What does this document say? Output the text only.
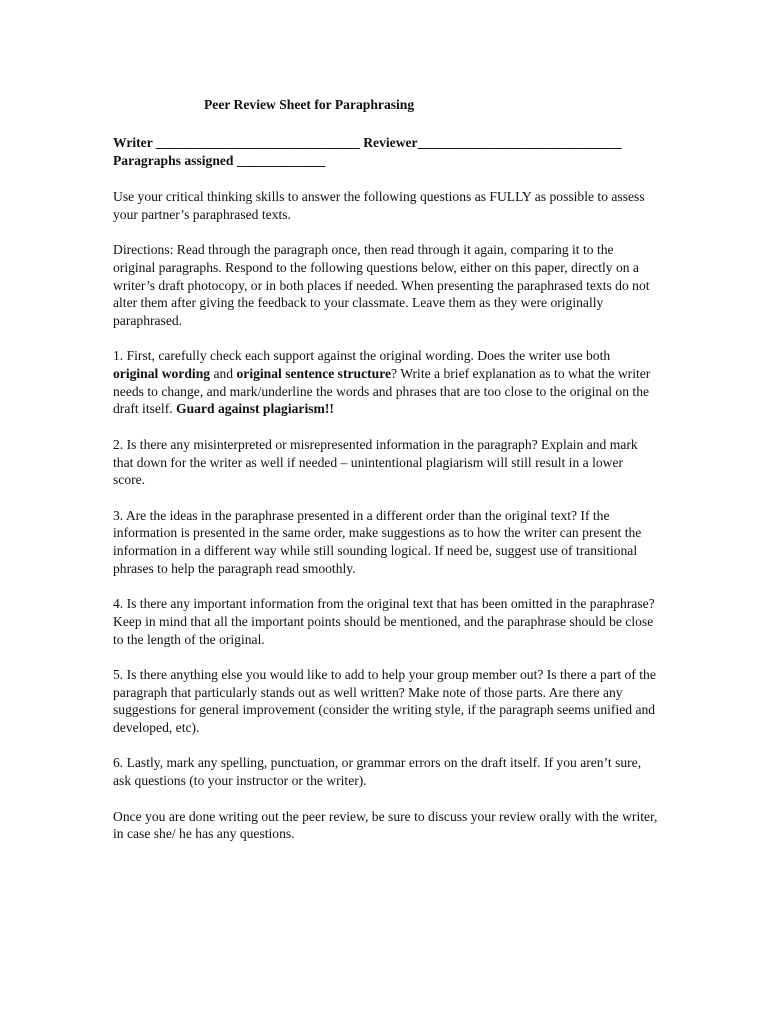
Peer Review Sheet for Paraphrasing
Writer ______________________________ Reviewer______________________________
Paragraphs assigned _____________

Use your critical thinking skills to answer the following questions as FULLY as possible to assess your partner’s paraphrased texts.

Directions: Read through the paragraph once, then read through it again, comparing it to the original paragraphs. Respond to the following questions below, either on this paper, directly on a writer’s draft photocopy, or in both places if needed. When presenting the paraphrased texts do not alter them after giving the feedback to your classmate. Leave them as they were originally paraphrased.

1. First, carefully check each support against the original wording. Does the writer use both original wording and original sentence structure? Write a brief explanation as to what the writer needs to change, and mark/underline the words and phrases that are too close to the original on the draft itself. Guard against plagiarism!!

2. Is there any misinterpreted or misrepresented information in the paragraph? Explain and mark that down for the writer as well if needed – unintentional plagiarism will still result in a lower score.

3. Are the ideas in the paraphrase presented in a different order than the original text? If the information is presented in the same order, make suggestions as to how the writer can present the information in a different way while still sounding logical. If need be, suggest use of transitional phrases to help the paragraph read smoothly.

4. Is there any important information from the original text that has been omitted in the paraphrase? Keep in mind that all the important points should be mentioned, and the paraphrase should be close to the length of the original.

5. Is there anything else you would like to add to help your group member out? Is there a part of the paragraph that particularly stands out as well written? Make note of those parts. Are there any suggestions for general improvement (consider the writing style, if the paragraph seems unified and developed, etc).

6. Lastly, mark any spelling, punctuation, or grammar errors on the draft itself. If you aren’t sure, ask questions (to your instructor or the writer).

Once you are done writing out the peer review, be sure to discuss your review orally with the writer, in case she/ he has any questions.
